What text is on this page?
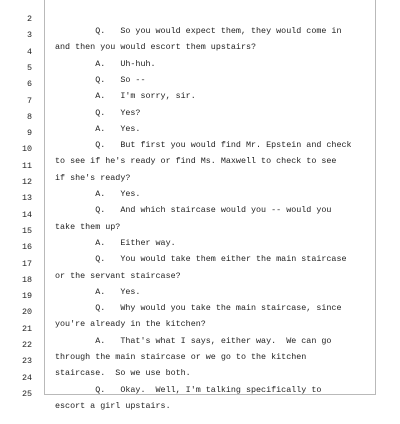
2

Q.   So you would expect them, they would come in

3

and then you would escort them upstairs?

4

A.   Uh-huh.

5

Q.   So --

6

A.   I'm sorry, sir.

7

Q.   Yes?

8

A.   Yes.

9

Q.   But first you would find Mr. Epstein and check

10

to see if he's ready or find Ms. Maxwell to check to see

11

if she's ready?

12

A.   Yes.

13

Q.   And which staircase would you -- would you

14

take them up?

15

A.   Either way.

16

Q.   You would take them either the main staircase

17

or the servant staircase?

18

A.   Yes.

19

Q.   Why would you take the main staircase, since

20

you're already in the kitchen?

21

A.   That's what I says, either way.  We can go

22

through the main staircase or we go to the kitchen

23

staircase.  So we use both.

24

Q.   Okay.  Well, I'm talking specifically to

25

escort a girl upstairs.
